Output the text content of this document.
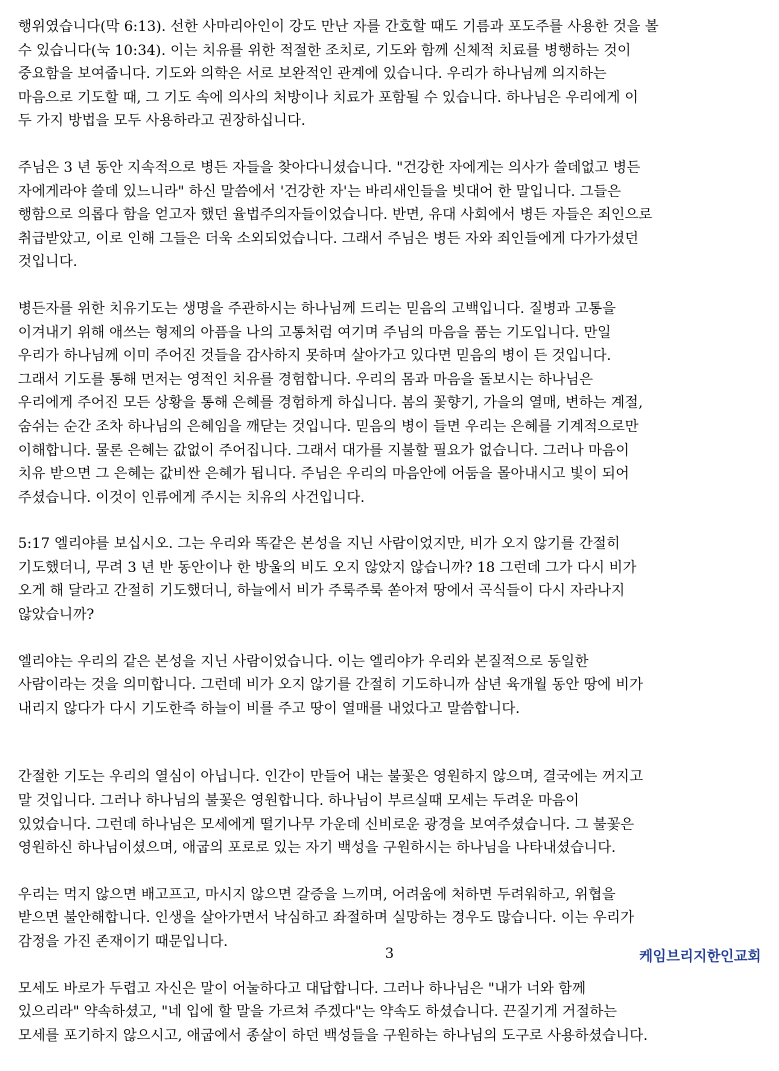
행위였습니다(막 6:13). 선한 사마리아인이 강도 만난 자를 간호할 때도 기름과 포도주를 사용한 것을 볼
수 있습니다(눅 10:34). 이는 치유를 위한 적절한 조치로, 기도와 함께 신체적 치료를 병행하는 것이
중요함을 보여줍니다. 기도와 의학은 서로 보완적인 관계에 있습니다. 우리가 하나님께 의지하는
마음으로 기도할 때, 그 기도 속에 의사의 처방이나 치료가 포함될 수 있습니다. 하나님은 우리에게 이
두 가지 방법을 모두 사용하라고 권장하십니다.
주님은 3 년 동안 지속적으로 병든 자들을 찾아다니셨습니다. "건강한 자에게는 의사가 쓸데없고 병든
자에게라야 쓸데 있느니라" 하신 말씀에서 '건강한 자'는 바리새인들을 빗대어 한 말입니다. 그들은
행함으로 의롭다 함을 얻고자 했던 율법주의자들이었습니다. 반면, 유대 사회에서 병든 자들은 죄인으로
취급받았고, 이로 인해 그들은 더욱 소외되었습니다. 그래서 주님은 병든 자와 죄인들에게 다가가셨던
것입니다.
병든자를 위한 치유기도는 생명을 주관하시는 하나님께 드리는 믿음의 고백입니다. 질병과 고통을
이겨내기 위해 애쓰는 형제의 아픔을 나의 고통처럼 여기며 주님의 마음을 품는 기도입니다. 만일
우리가 하나님께 이미 주어진 것들을 감사하지 못하며 살아가고 있다면 믿음의 병이 든 것입니다.
그래서 기도를 통해 먼저는 영적인 치유를 경험합니다. 우리의 몸과 마음을 돌보시는 하나님은
우리에게 주어진 모든 상황을 통해 은혜를 경험하게 하십니다. 봄의 꽃향기, 가을의 열매, 변하는 계절,
숨쉬는 순간 조차 하나님의 은혜임을 깨닫는 것입니다. 믿음의 병이 들면 우리는 은혜를 기계적으로만
이해합니다. 물론 은혜는 값없이 주어집니다. 그래서 대가를 지불할 필요가 없습니다. 그러나 마음이
치유 받으면 그 은혜는 값비싼 은혜가 됩니다. 주님은 우리의 마음안에 어둠을 몰아내시고 빛이 되어
주셨습니다. 이것이 인류에게 주시는 치유의 사건입니다.
5:17 엘리야를 보십시오. 그는 우리와 똑같은 본성을 지닌 사람이었지만, 비가 오지 않기를 간절히
기도했더니, 무려 3 년 반 동안이나 한 방울의 비도 오지 않았지 않습니까? 18 그런데 그가 다시 비가
오게 해 달라고 간절히 기도했더니, 하늘에서 비가 주룩주룩 쏟아져 땅에서 곡식들이 다시 자라나지
않았습니까?
엘리야는 우리의 같은 본성을 지닌 사람이었습니다. 이는 엘리야가 우리와 본질적으로 동일한
사람이라는 것을 의미합니다. 그런데 비가 오지 않기를 간절히 기도하니까 삼년 육개월 동안 땅에 비가
내리지 않다가 다시 기도한즉 하늘이 비를 주고 땅이 열매를 내었다고 말씀합니다.
간절한 기도는 우리의 열심이 아닙니다. 인간이 만들어 내는 불꽃은 영원하지 않으며, 결국에는 꺼지고
말 것입니다. 그러나 하나님의 불꽃은 영원합니다. 하나님이 부르실때 모세는 두려운 마음이
있었습니다. 그런데 하나님은 모세에게 떨기나무 가운데 신비로운 광경을 보여주셨습니다. 그 불꽃은
영원하신 하나님이셨으며, 애굽의 포로로 있는 자기 백성을 구원하시는 하나님을 나타내셨습니다.
우리는 먹지 않으면 배고프고, 마시지 않으면 갈증을 느끼며, 어려움에 처하면 두려워하고, 위협을
받으면 불안해합니다. 인생을 살아가면서 낙심하고 좌절하며 실망하는 경우도 많습니다. 이는 우리가
감정을 가진 존재이기 때문입니다.
모세도 바로가 두렵고 자신은 말이 어눌하다고 대답합니다. 그러나 하나님은 "내가 너와 함께
있으리라" 약속하셨고, "네 입에 할 말을 가르쳐 주겠다"는 약속도 하셨습니다. 끈질기게 거절하는
모세를 포기하지 않으시고, 애굽에서 종살이 하던 백성들을 구원하는 하나님의 도구로 사용하셨습니다.
3	케임브리지한인교회
